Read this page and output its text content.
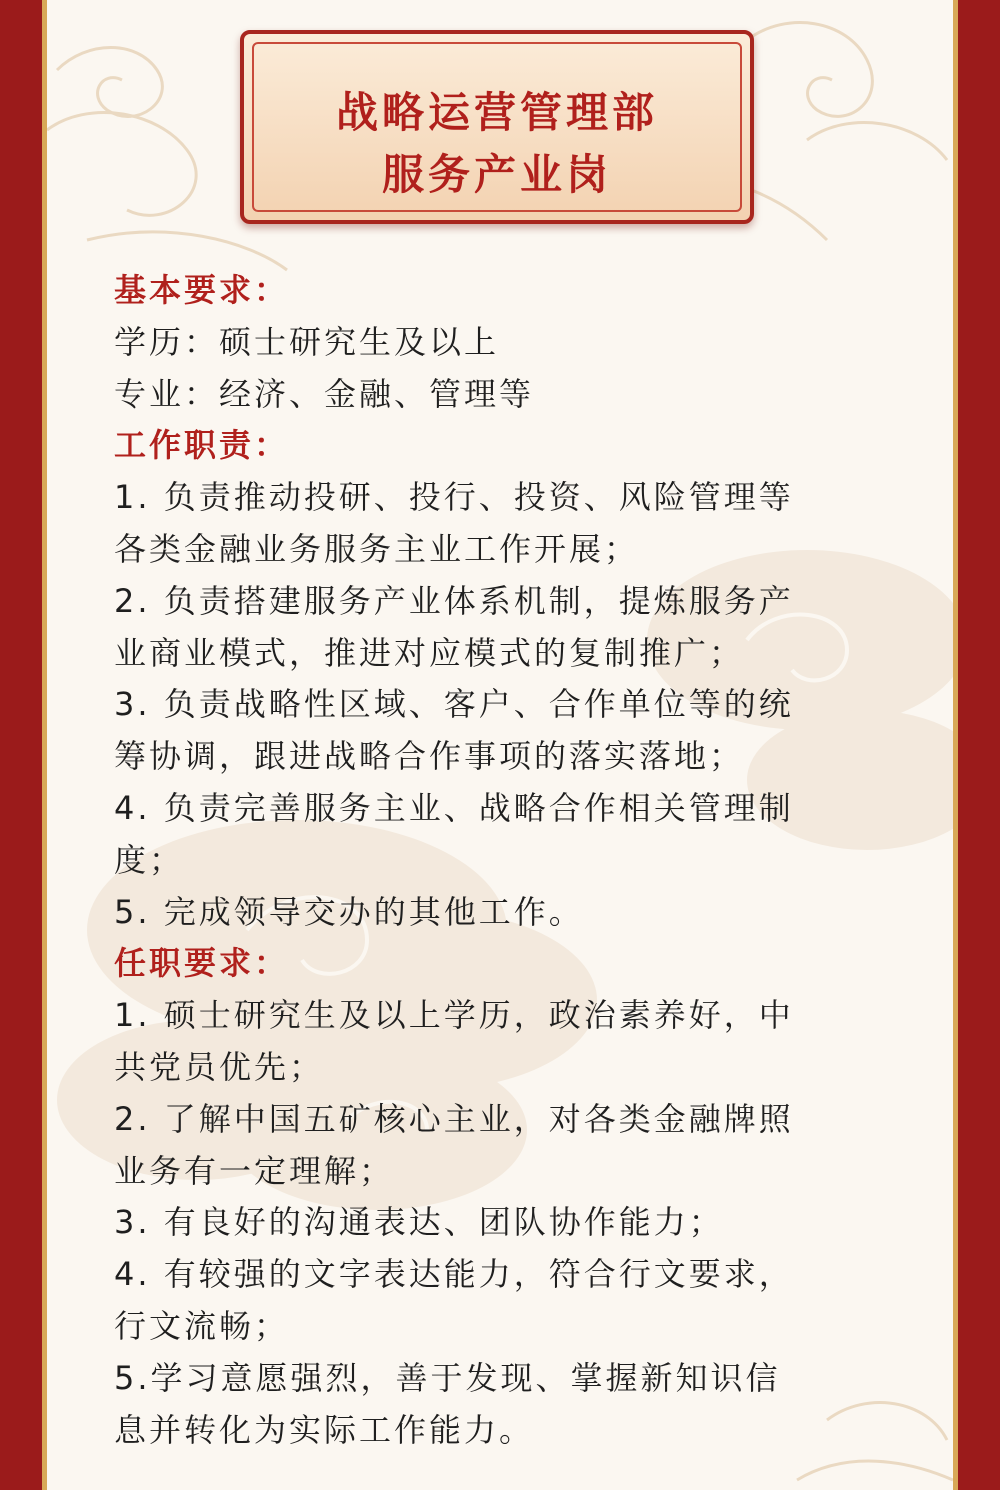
战略运营管理部
服务产业岗
基本要求：
学历：硕士研究生及以上
专业：经济、金融、管理等
工作职责：
1. 负责推动投研、投行、投资、风险管理等
各类金融业务服务主业工作开展；
2. 负责搭建服务产业体系机制，提炼服务产
业商业模式，推进对应模式的复制推广；
3. 负责战略性区域、客户、合作单位等的统
筹协调，跟进战略合作事项的落实落地；
4. 负责完善服务主业、战略合作相关管理制
度；
5. 完成领导交办的其他工作。
任职要求：
1. 硕士研究生及以上学历，政治素养好，中
共党员优先；
2. 了解中国五矿核心主业，对各类金融牌照
业务有一定理解；
3. 有良好的沟通表达、团队协作能力；
4. 有较强的文字表达能力，符合行文要求，
行文流畅；
5.学习意愿强烈，善于发现、掌握新知识信
息并转化为实际工作能力。
